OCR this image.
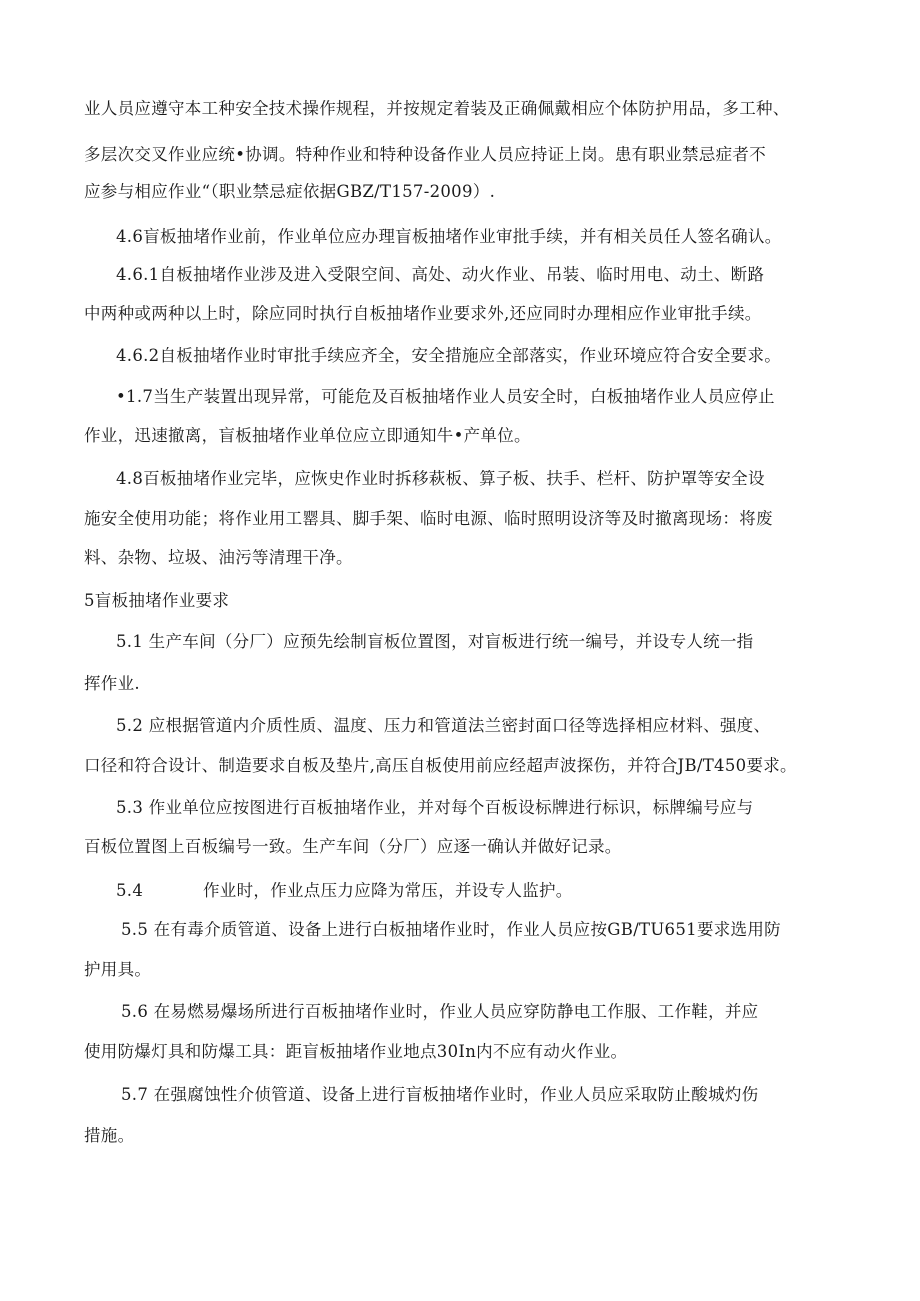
业人员应遵守本工种安全技术操作规程，并按规定着装及正确佩戴相应个体防护用品，多工种、
多层次交叉作业应统•协调。特种作业和特种设备作业人员应持证上岗。患有职业禁忌症者不
应参与相应作业“（职业禁忌症依据GBZ/T157-2009）.
4.6盲板抽堵作业前，作业单位应办理盲板抽堵作业审批手续，并有相关员任人签名确认。
4.6.1自板抽堵作业涉及进入受限空间、高处、动火作业、吊装、临时用电、动土、断路
中两种或两种以上时，除应同时执行自板抽堵作业要求外,还应同时办理相应作业审批手续。
4.6.2自板抽堵作业时审批手续应齐全，安全措施应全部落实，作业环境应符合安全要求。
•1.7当生产装置出现异常，可能危及百板抽堵作业人员安全时，白板抽堵作业人员应停止
作业，迅速撤离，盲板抽堵作业单位应立即通知牛•产单位。
4.8百板抽堵作业完毕，应恢史作业时拆移萩板、算子板、扶手、栏杆、防护罩等安全设
施安全使用功能；将作业用工罂具、脚手架、临时电源、临时照明设济等及时撤离现场：将废
料、杂物、垃圾、油污等清理干净。
5盲板抽堵作业要求
5.1 生产车间（分厂）应预先绘制盲板位置图，对盲板进行统一编号，并设专人统一指
挥作业.
5.2 应根据管道内介质性质、温度、压力和管道法兰密封面口径等选择相应材料、强度、
口径和符合设计、制造要求自板及垫片,高压自板使用前应经超声波探伤，并符合JB/T450要求。
5.3 作业单位应按图进行百板抽堵作业，并对每个百板设标牌进行标识，标牌编号应与
百板位置图上百板编号一致。生产车间（分厂）应逐一确认并做好记录。
5.4	作业时，作业点压力应降为常压，并设专人监护。
5.5 在有毒介质管道、设备上进行白板抽堵作业时，作业人员应按GB/TU651要求选用防
护用具。
5.6 在易燃易爆场所进行百板抽堵作业时，作业人员应穿防静电工作服、工作鞋，并应
使用防爆灯具和防爆工具：距盲板抽堵作业地点30In内不应有动火作业。
5.7 在强腐蚀性介侦管道、设备上进行盲板抽堵作业时，作业人员应采取防止酸城灼伤
措施。
